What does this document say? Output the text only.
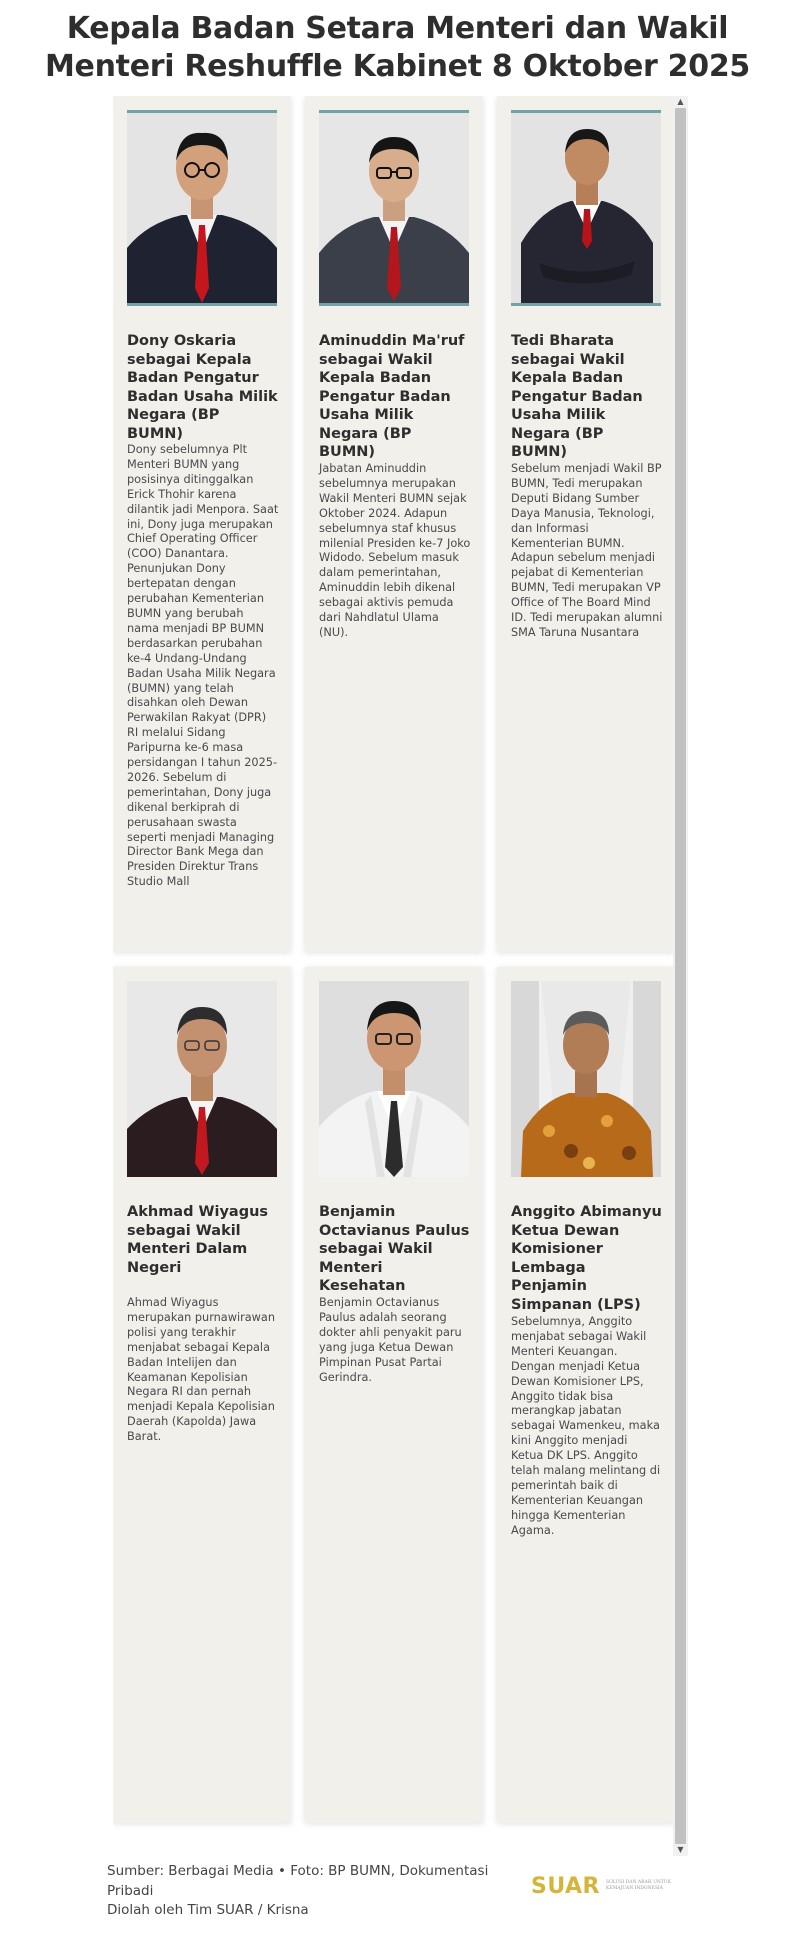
Kepala Badan Setara Menteri dan Wakil
Menteri Reshuffle Kabinet 8 Oktober 2025
Dony Oskaria sebagai Kepala Badan Pengatur Badan Usaha Milik Negara (BP BUMN)
Dony sebelumnya Plt Menteri BUMN yang posisinya ditinggalkan Erick Thohir karena dilantik jadi Menpora. Saat ini, Dony juga merupakan Chief Operating Officer (COO) Danantara. Penunjukan Dony bertepatan dengan perubahan Kementerian BUMN yang berubah nama menjadi BP BUMN berdasarkan perubahan ke-4 Undang-Undang Badan Usaha Milik Negara (BUMN) yang telah disahkan oleh Dewan Perwakilan Rakyat (DPR) RI melalui Sidang Paripurna ke-6 masa persidangan I tahun 2025-2026. Sebelum di pemerintahan, Dony juga dikenal berkiprah di perusahaan swasta seperti menjadi Managing Director Bank Mega dan Presiden Direktur Trans Studio Mall
Aminuddin Ma'ruf sebagai Wakil Kepala Badan Pengatur Badan Usaha Milik Negara (BP BUMN)
Jabatan Aminuddin sebelumnya merupakan Wakil Menteri BUMN sejak Oktober 2024. Adapun sebelumnya staf khusus milenial Presiden ke-7 Joko Widodo. Sebelum masuk dalam pemerintahan, Aminuddin lebih dikenal sebagai aktivis pemuda dari Nahdlatul Ulama (NU).
Tedi Bharata sebagai Wakil Kepala Badan Pengatur Badan Usaha Milik Negara (BP BUMN)
Sebelum menjadi Wakil BP BUMN, Tedi merupakan Deputi Bidang Sumber Daya Manusia, Teknologi, dan Informasi Kementerian BUMN. Adapun sebelum menjadi pejabat di Kementerian BUMN, Tedi merupakan VP Office of The Board Mind ID. Tedi merupakan alumni SMA Taruna Nusantara
Akhmad Wiyagus sebagai Wakil Menteri Dalam Negeri
Ahmad Wiyagus merupakan purnawirawan polisi yang terakhir menjabat sebagai Kepala Badan Intelijen dan Keamanan Kepolisian Negara RI dan pernah menjadi Kepala Kepolisian Daerah (Kapolda) Jawa Barat.
Benjamin Octavianus Paulus sebagai Wakil Menteri Kesehatan
Benjamin Octavianus Paulus adalah seorang dokter ahli penyakit paru yang juga Ketua Dewan Pimpinan Pusat Partai Gerindra.
Anggito Abimanyu Ketua Dewan Komisioner Lembaga Penjamin Simpanan (LPS)
Sebelumnya, Anggito menjabat sebagai Wakil Menteri Keuangan. Dengan menjadi Ketua Dewan Komisioner LPS, Anggito tidak bisa merangkap jabatan sebagai Wamenkeu, maka kini Anggito menjadi Ketua DK LPS. Anggito telah malang melintang di pemerintah baik di Kementerian Keuangan hingga Kementerian Agama.
▲
▼
Sumber: Berbagai Media • Foto: BP BUMN, Dokumentasi
Pribadi
Diolah oleh Tim SUAR / Krisna
SUAR SOLUSI DAN ARAH UNTUK KEMAJUAN INDONESIA
